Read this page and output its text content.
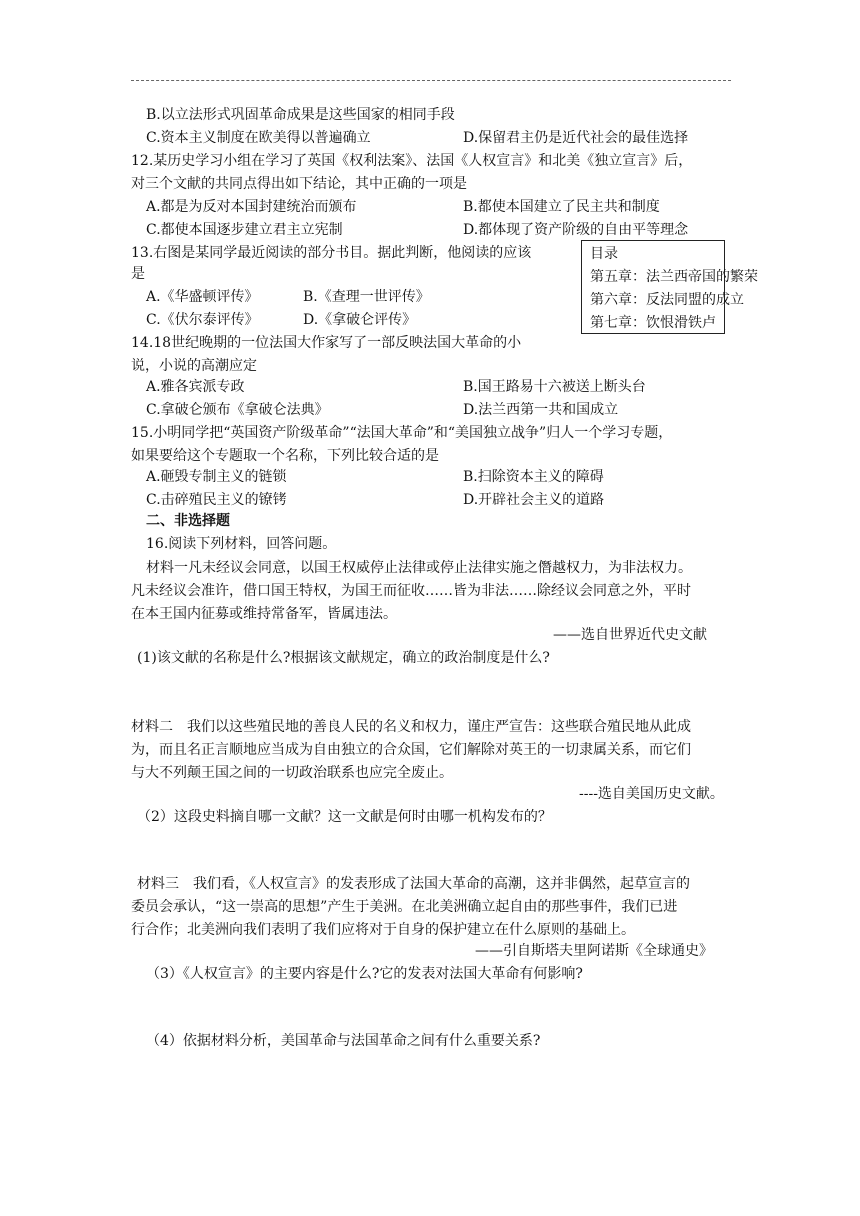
B.以立法形式巩固革命成果是这些国家的相同手段
C.资本主义制度在欧美得以普遍确立	D.保留君主仍是近代社会的最佳选择
12.某历史学习小组在学习了英国《权利法案》、法国《人权宣言》和北美《独立宣言》后，
对三个文献的共同点得出如下结论，其中正确的一项是
A.都是为反对本国封建统治而颁布	B.都使本国建立了民主共和制度
C.都使本国逐步建立君主立宪制	D.都体现了资产阶级的自由平等理念
13.右图是某同学最近阅读的部分书目。据此判断，他阅读的应该
是
A.《华盛顿评传》	B.《查理一世评传》
C.《伏尔泰评传》	D.《拿破仑评传》
目录
第五章：法兰西帝国的繁荣
第六章：反法同盟的成立
第七章：饮恨滑铁卢
14.18世纪晚期的一位法国大作家写了一部反映法国大革命的小
说，小说的高潮应定
A.雅各宾派专政	B.国王路易十六被送上断头台
C.拿破仑颁布《拿破仑法典》	D.法兰西第一共和国成立
15.小明同学把“英国资产阶级革命”“法国大革命”和“美国独立战争”归人一个学习专题，
如果要给这个专题取一个名称，下列比较合适的是
A.砸毁专制主义的链锁	B.扫除资本主义的障碍
C.击碎殖民主义的镣铐	D.开辟社会主义的道路
二、非选择题
16.阅读下列材料，回答问题。
材料一凡未经议会同意，以国王权威停止法律或停止法律实施之僭越权力，为非法权力。
凡未经议会准许，借口国王特权，为国王而征收……皆为非法……除经议会同意之外，平时
在本王国内征募或维持常备军，皆属违法。
——选自世界近代史文献
(1)该文献的名称是什么?根据该文献规定，确立的政治制度是什么?
材料二　我们以这些殖民地的善良人民的名义和权力，谨庄严宣告：这些联合殖民地从此成
为，而且名正言顺地应当成为自由独立的合众国，它们解除对英王的一切隶属关系，而它们
与大不列颠王国之间的一切政治联系也应完全废止。
----选自美国历史文献。
（2）这段史料摘自哪一文献？这一文献是何时由哪一机构发布的？
材料三　我们看，《人权宣言》的发表形成了法国大革命的高潮，这并非偶然，起草宣言的
委员会承认，“这一崇高的思想”产生于美洲。在北美洲确立起自由的那些事件，我们已进
行合作；北美洲向我们表明了我们应将对于自身的保护建立在什么原则的基础上。
——引自斯塔夫里阿诺斯《全球通史》
（3）《人权宣言》的主要内容是什么?它的发表对法国大革命有何影响?
（4）依据材料分析，美国革命与法国革命之间有什么重要关系?
